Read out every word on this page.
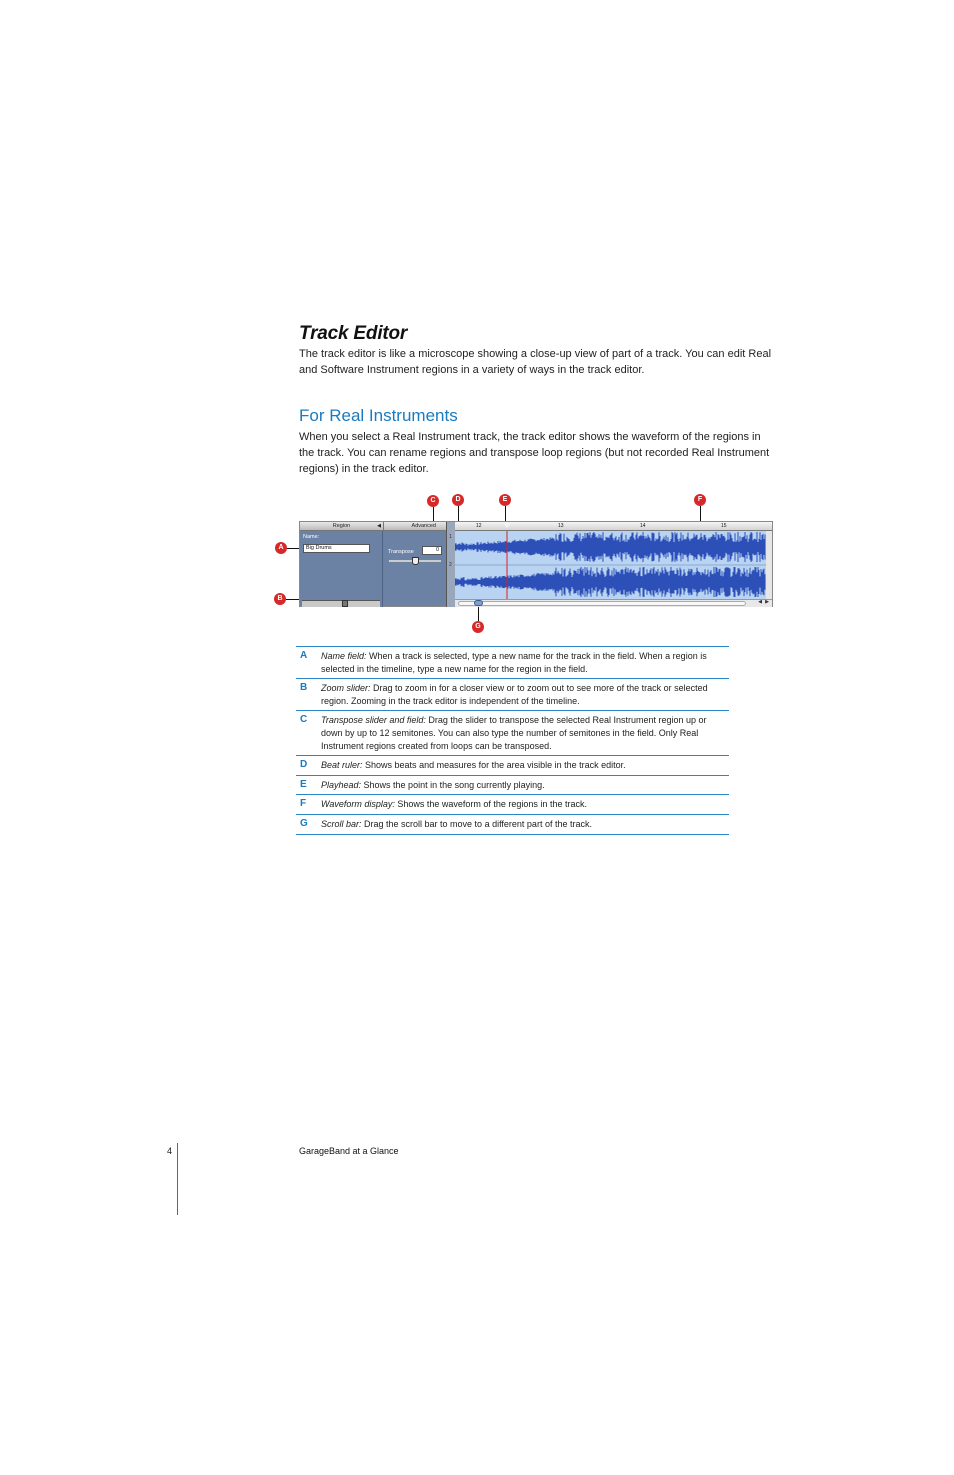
Track Editor

The track editor is like a microscope showing a close-up view of part of a track. You can edit Real and Software Instrument regions in a variety of ways in the track editor.

For Real Instruments

When you select a Real Instrument track, the track editor shows the waveform of the regions in the track. You can rename regions and transpose loop regions (but not recorded Real Instrument regions) in the track editor.

C	D	E	F
A
B
G
Region	◀	Advanced
Name:
Big Drums
Transpose	0
1
2
12	13	14	15
◀ ▶
A	Name field: When a track is selected, type a new name for the track in the field. When a region is selected in the timeline, type a new name for the region in the field.
B	Zoom slider: Drag to zoom in for a closer view or to zoom out to see more of the track or selected region. Zooming in the track editor is independent of the timeline.
C	Transpose slider and field: Drag the slider to transpose the selected Real Instrument region up or down by up to 12 semitones. You can also type the number of semitones in the field. Only Real Instrument regions created from loops can be transposed.
D	Beat ruler: Shows beats and measures for the area visible in the track editor.
E	Playhead: Shows the point in the song currently playing.
F	Waveform display: Shows the waveform of the regions in the track.
G	Scroll bar: Drag the scroll bar to move to a different part of the track.
4	GarageBand at a Glance
